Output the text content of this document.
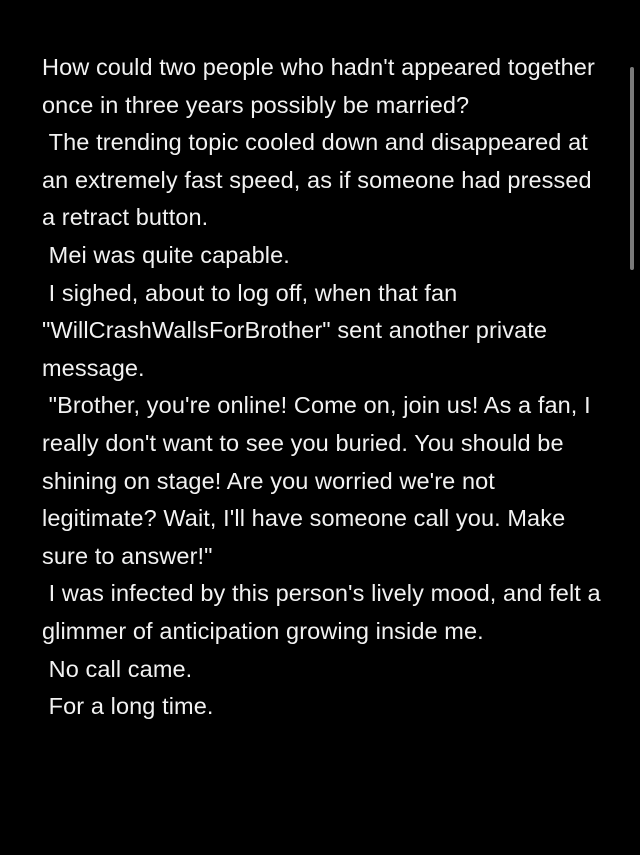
How could two people who hadn't appeared together once in three years possibly be married?

The trending topic cooled down and disappeared at an extremely fast speed, as if someone had pressed a retract button.

Mei was quite capable.

I sighed, about to log off, when that fan "WillCrashWallsForBrother" sent another private message.

"Brother, you're online! Come on, join us! As a fan, I really don't want to see you buried. You should be shining on stage! Are you worried we're not legitimate? Wait, I'll have someone call you. Make sure to answer!"

I was infected by this person's lively mood, and felt a glimmer of anticipation growing inside me.

No call came.

For a long time.
